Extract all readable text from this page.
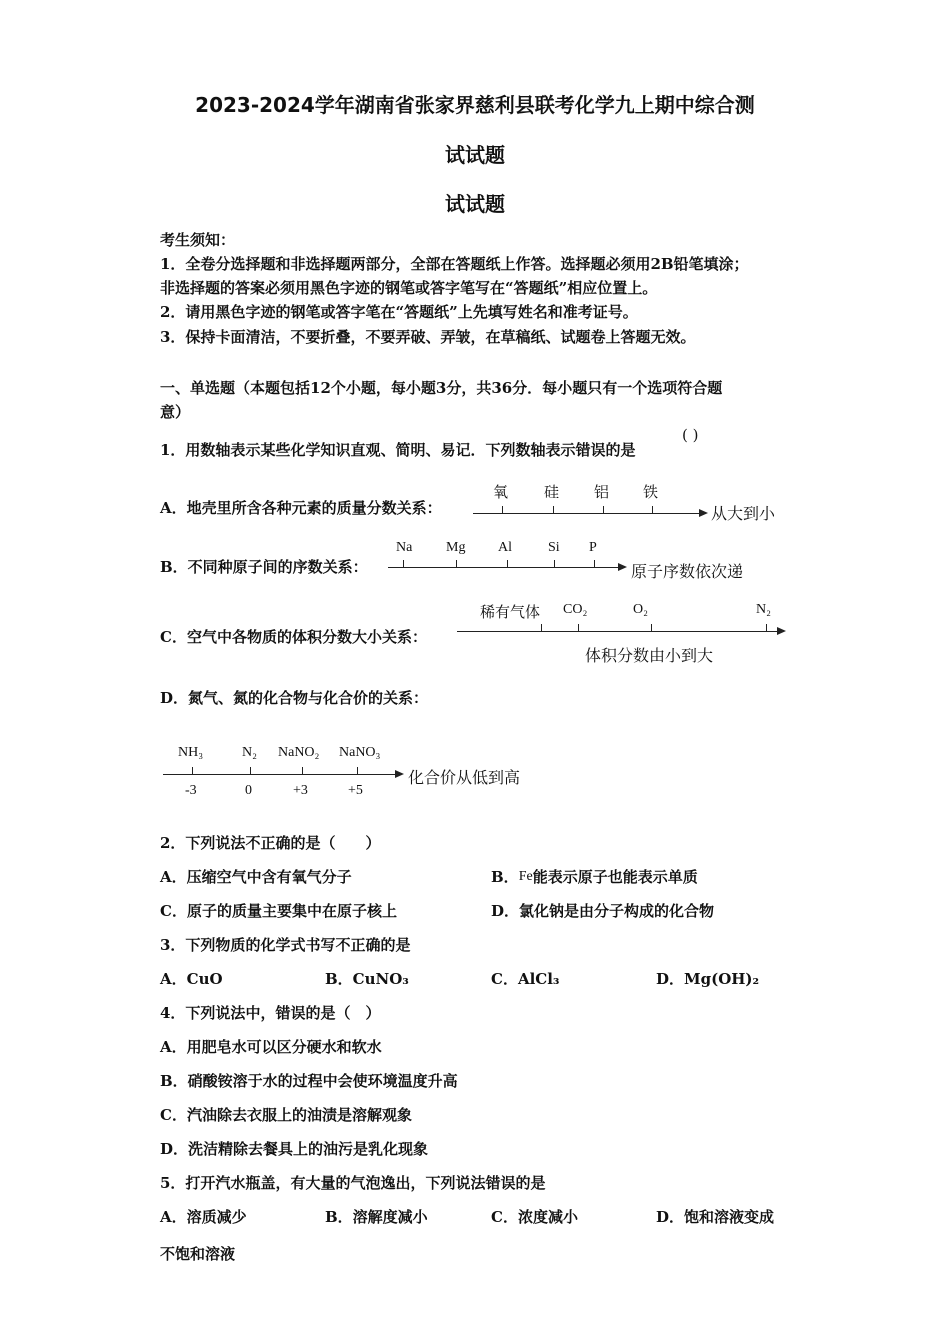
2023-2024学年湖南省张家界慈利县联考化学九上期中综合测
试试题
试试题
考生须知：
1．全卷分选择题和非选择题两部分，全部在答题纸上作答。选择题必须用2B铅笔填涂；
非选择题的答案必须用黑色字迹的钢笔或答字笔写在“答题纸”相应位置上。
2．请用黑色字迹的钢笔或答字笔在“答题纸”上先填写姓名和准考证号。
3．保持卡面清洁，不要折叠，不要弄破、弄皱，在草稿纸、试题卷上答题无效。
一、单选题（本题包括12个小题，每小题3分，共36分．每小题只有一个选项符合题
意）
1．用数轴表示某些化学知识直观、简明、易记．下列数轴表示错误的是
( )
A．地壳里所含各种元素的质量分数关系：
氧 硅 铝 铁
从大到小
B．不同种原子间的序数关系：
Na Mg Al	Si P
原子序数依次递
C．空气中各物质的体积分数大小关系：
稀有气体 CO₂	O₂	N₂
体积分数由小到大
D．氮气、氮的化合物与化合价的关系：
NH₃	N₂ NaNO₂ NaNO₃
-3	0	+3	+5
化合价从低到高
2．下列说法不正确的是（　　）
A．压缩空气中含有氧气分子	B．Fe能表示原子也能表示单质
C．原子的质量主要集中在原子核上	D．氯化钠是由分子构成的化合物
3．下列物质的化学式书写不正确的是
A．CuO	B．CuNO₃	C．AlCl₃	D．Mg(OH)₂
4．下列说法中，错误的是（　）
A．用肥皂水可以区分硬水和软水
B．硝酸铵溶于水的过程中会使环境温度升高
C．汽油除去衣服上的油渍是溶解观象
D．洗洁精除去餐具上的油污是乳化现象
5．打开汽水瓶盖，有大量的气泡逸出，下列说法错误的是
A．溶质减少	B．溶解度减小	C．浓度减小	D．饱和溶液变成
不饱和溶液
